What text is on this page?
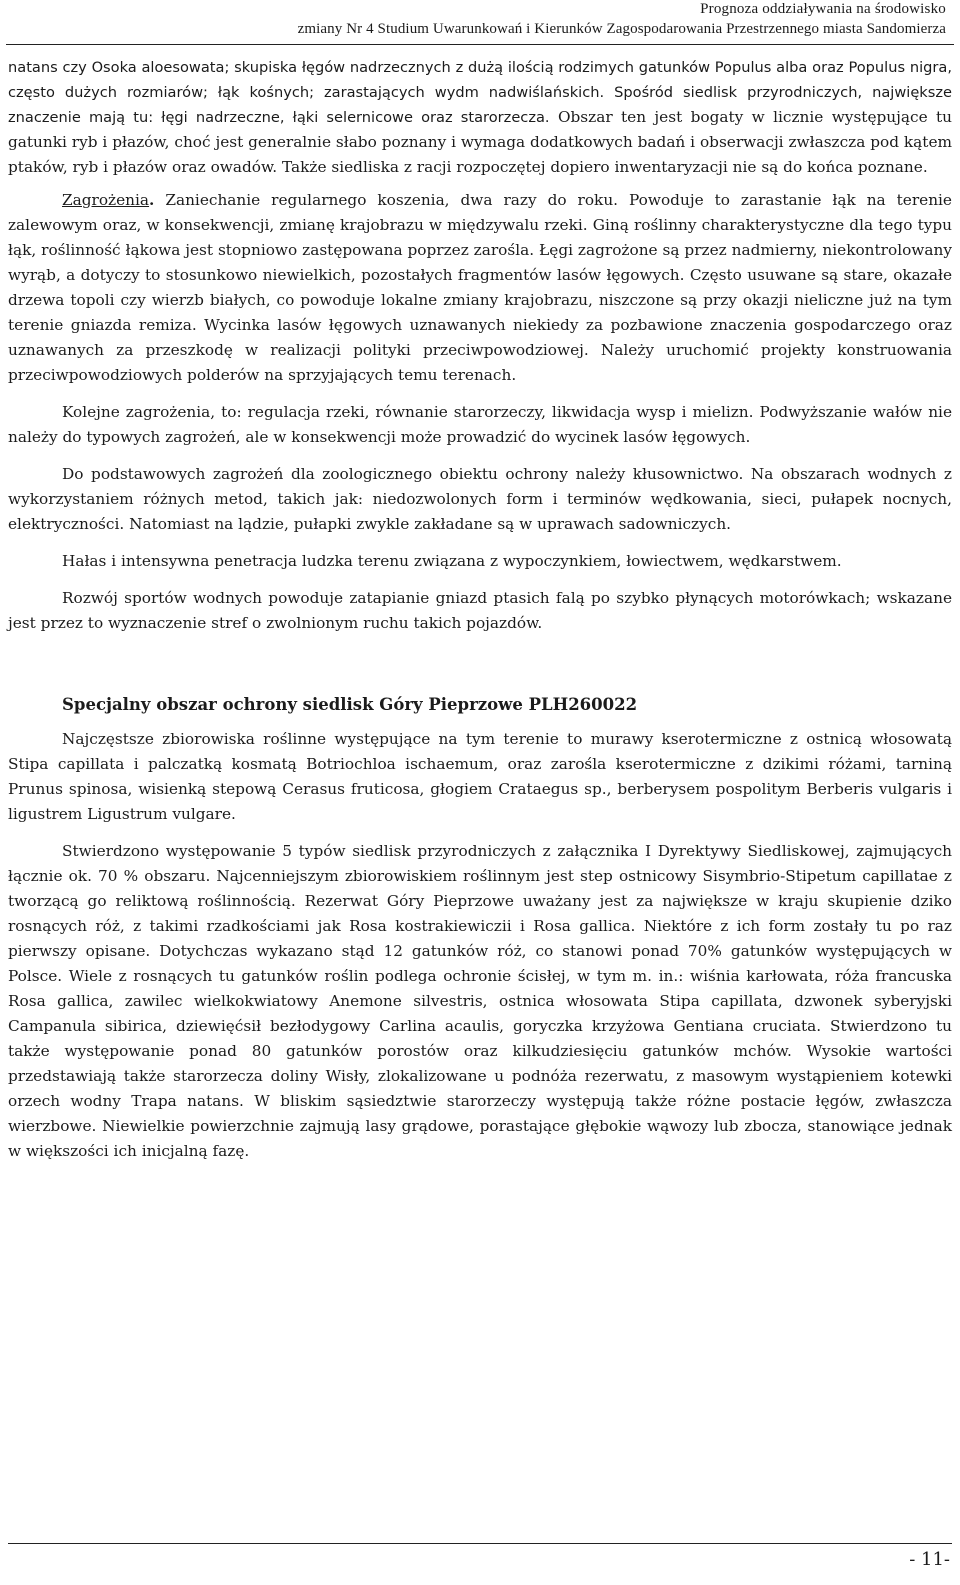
Prognoza oddziaływania na środowisko
zmiany Nr 4 Studium Uwarunkowań i Kierunków Zagospodarowania Przestrzennego miasta Sandomierza

natans czy Osoka aloesowata; skupiska łęgów nadrzecznych z dużą ilością rodzimych gatunków Populus alba oraz Populus nigra, często dużych rozmiarów; łąk kośnych; zarastających wydm nadwiślańskich. Spośród siedlisk przyrodniczych, największe znaczenie mają tu: łęgi nadrzeczne, łąki selernicowe oraz starorzecza. Obszar ten jest bogaty w licznie występujące tu gatunki ryb i płazów, choć jest generalnie słabo poznany i wymaga dodatkowych badań i obserwacji zwłaszcza pod kątem ptaków, ryb i płazów oraz owadów. Także siedliska z racji rozpoczętej dopiero inwentaryzacji nie są do końca poznane.

Zagrożenia. Zaniechanie regularnego koszenia, dwa razy do roku. Powoduje to zarastanie łąk na terenie zalewowym oraz, w konsekwencji, zmianę krajobrazu w międzywalu rzeki. Giną roślinny charakterystyczne dla tego typu łąk, roślinność łąkowa jest stopniowo zastępowana poprzez zarośla. Łęgi zagrożone są przez nadmierny, niekontrolowany wyrąb, a dotyczy to stosunkowo niewielkich, pozostałych fragmentów lasów łęgowych. Często usuwane są stare, okazałe drzewa topoli czy wierzb białych, co powoduje lokalne zmiany krajobrazu, niszczone są przy okazji nieliczne już na tym terenie gniazda remiza. Wycinka lasów łęgowych uznawanych niekiedy za pozbawione znaczenia gospodarczego oraz uznawanych za przeszkodę w realizacji polityki przeciwpowodziowej. Należy uruchomić projekty konstruowania przeciwpowodziowych polderów na sprzyjających temu terenach.

Kolejne zagrożenia, to: regulacja rzeki, równanie starorzeczy, likwidacja wysp i mielizn. Podwyższanie wałów nie należy do typowych zagrożeń, ale w konsekwencji może prowadzić do wycinek lasów łęgowych.

Do podstawowych zagrożeń dla zoologicznego obiektu ochrony należy kłusownictwo. Na obszarach wodnych z wykorzystaniem różnych metod, takich jak: niedozwolonych form i terminów wędkowania, sieci, pułapek nocnych, elektryczności. Natomiast na lądzie, pułapki zwykle zakładane są w uprawach sadowniczych.

Hałas i intensywna penetracja ludzka terenu związana z wypoczynkiem, łowiectwem, wędkarstwem.

Rozwój sportów wodnych powoduje zatapianie gniazd ptasich falą po szybko płynących motorówkach; wskazane jest przez to wyznaczenie stref o zwolnionym ruchu takich pojazdów.

Specjalny obszar ochrony siedlisk Góry Pieprzowe PLH260022

Najczęstsze zbiorowiska roślinne występujące na tym terenie to murawy kserotermiczne z ostnicą włosowatą Stipa capillata i palczatką kosmatą Botriochloa ischaemum, oraz zarośla kserotermiczne z dzikimi różami, tarniną Prunus spinosa, wisienką stepową Cerasus fruticosa, głogiem Crataegus sp., berberysem pospolitym Berberis vulgaris i ligustrem Ligustrum vulgare.

Stwierdzono występowanie 5 typów siedlisk przyrodniczych z załącznika I Dyrektywy Siedliskowej, zajmujących łącznie ok. 70 % obszaru. Najcenniejszym zbiorowiskiem roślinnym jest step ostnicowy Sisymbrio-Stipetum capillatae z tworzącą go reliktową roślinnością. Rezerwat Góry Pieprzowe uważany jest za największe w kraju skupienie dziko rosnących róż, z takimi rzadkościami jak Rosa kostrakiewiczii i Rosa gallica. Niektóre z ich form zostały tu po raz pierwszy opisane. Dotychczas wykazano stąd 12 gatunków róż, co stanowi ponad 70% gatunków występujących w Polsce. Wiele z rosnących tu gatunków roślin podlega ochronie ścisłej, w tym m. in.: wiśnia karłowata, róża francuska Rosa gallica, zawilec wielkokwiatowy Anemone silvestris, ostnica włosowata Stipa capillata, dzwonek syberyjski Campanula sibirica, dziewięćsił bezłodygowy Carlina acaulis, goryczka krzyżowa Gentiana cruciata. Stwierdzono tu także występowanie ponad 80 gatunków porostów oraz kilkudziesięciu gatunków mchów. Wysokie wartości przedstawiają także starorzecza doliny Wisły, zlokalizowane u podnóża rezerwatu, z masowym wystąpieniem kotewki orzech wodny Trapa natans. W bliskim sąsiedztwie starorzeczy występują także różne postacie łęgów, zwłaszcza wierzbowe. Niewielkie powierzchnie zajmują lasy grądowe, porastające głębokie wąwozy lub zbocza, stanowiące jednak w większości ich inicjalną fazę.

- 11-
